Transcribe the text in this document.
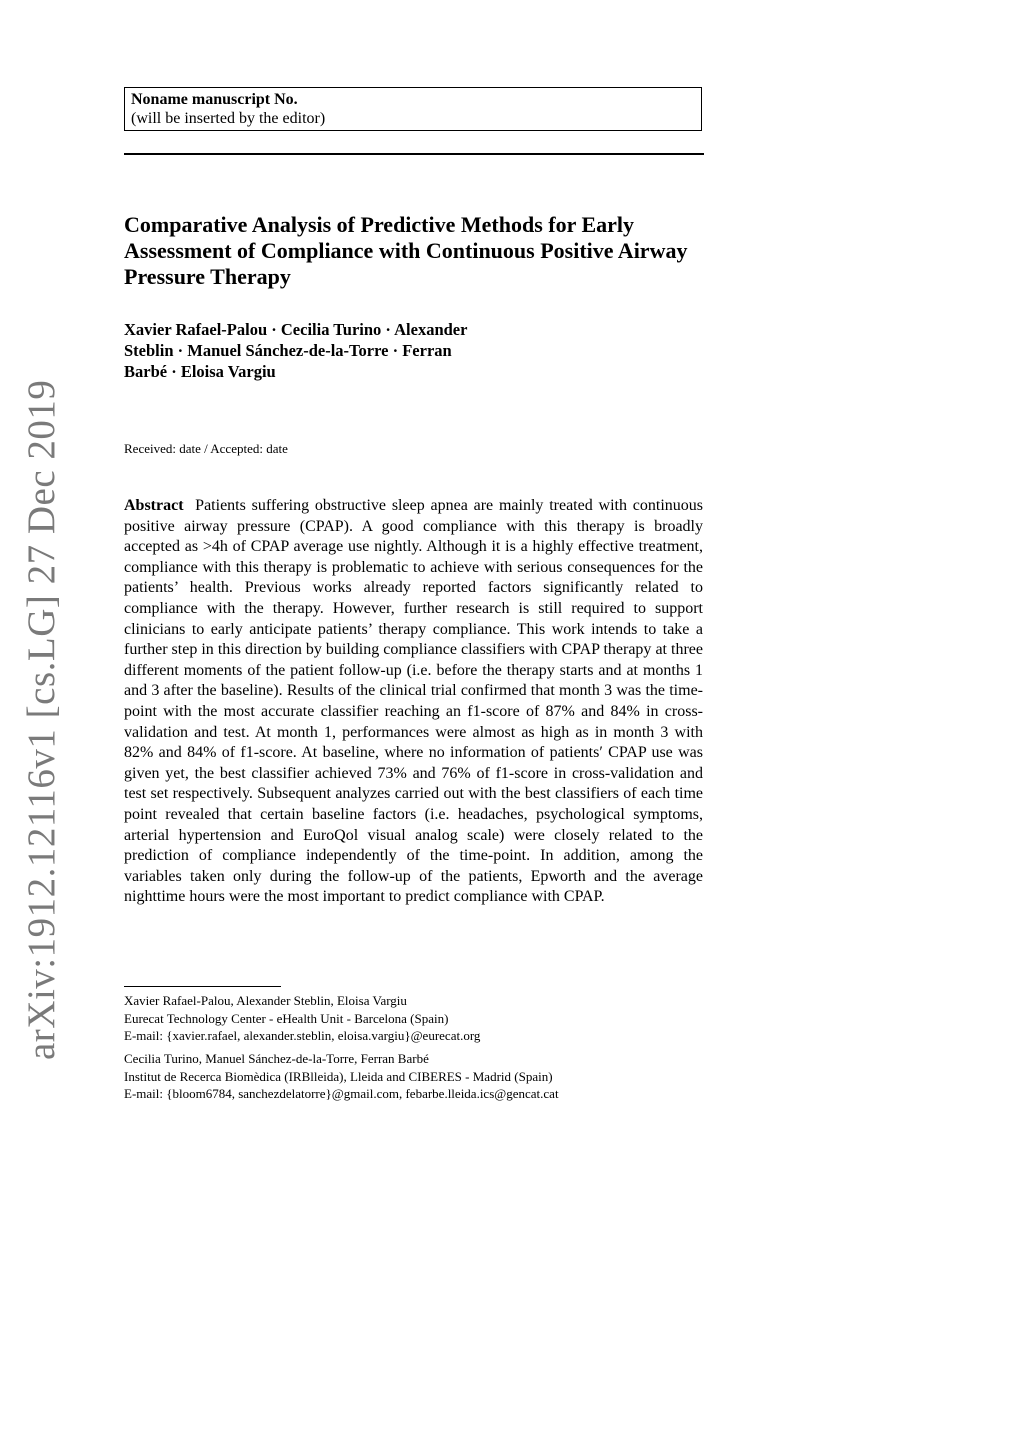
arXiv:1912.12116v1 [cs.LG] 27 Dec 2019
Noname manuscript No.
(will be inserted by the editor)
Comparative Analysis of Predictive Methods for Early Assessment of Compliance with Continuous Positive Airway Pressure Therapy
Xavier Rafael-Palou · Cecilia Turino · Alexander Steblin · Manuel Sánchez-de-la-Torre · Ferran Barbé · Eloisa Vargiu
Received: date / Accepted: date

Abstract Patients suffering obstructive sleep apnea are mainly treated with continuous positive airway pressure (CPAP). A good compliance with this therapy is broadly accepted as >4h of CPAP average use nightly. Although it is a highly effective treatment, compliance with this therapy is problematic to achieve with serious consequences for the patients’ health. Previous works already reported factors significantly related to compliance with the therapy. However, further research is still required to support clinicians to early anticipate patients’ therapy compliance. This work intends to take a further step in this direction by building compliance classifiers with CPAP therapy at three different moments of the patient follow-up (i.e. before the therapy starts and at months 1 and 3 after the baseline). Results of the clinical trial confirmed that month 3 was the time-point with the most accurate classifier reaching an f1-score of 87% and 84% in cross-validation and test. At month 1, performances were almost as high as in month 3 with 82% and 84% of f1-score. At baseline, where no information of patients′ CPAP use was given yet, the best classifier achieved 73% and 76% of f1-score in cross-validation and test set respectively. Subsequent analyzes carried out with the best classifiers of each time point revealed that certain baseline factors (i.e. headaches, psychological symptoms, arterial hypertension and EuroQol visual analog scale) were closely related to the prediction of compliance independently of the time-point. In addition, among the variables taken only during the follow-up of the patients, Epworth and the average nighttime hours were the most important to predict compliance with CPAP.

Xavier Rafael-Palou, Alexander Steblin, Eloisa Vargiu
Eurecat Technology Center - eHealth Unit - Barcelona (Spain)
E-mail: {xavier.rafael, alexander.steblin, eloisa.vargiu}@eurecat.org
Cecilia Turino, Manuel Sánchez-de-la-Torre, Ferran Barbé
Institut de Recerca Biomèdica (IRBlleida), Lleida and CIBERES - Madrid (Spain)
E-mail: {bloom6784, sanchezdelatorre}@gmail.com, febarbe.lleida.ics@gencat.cat
